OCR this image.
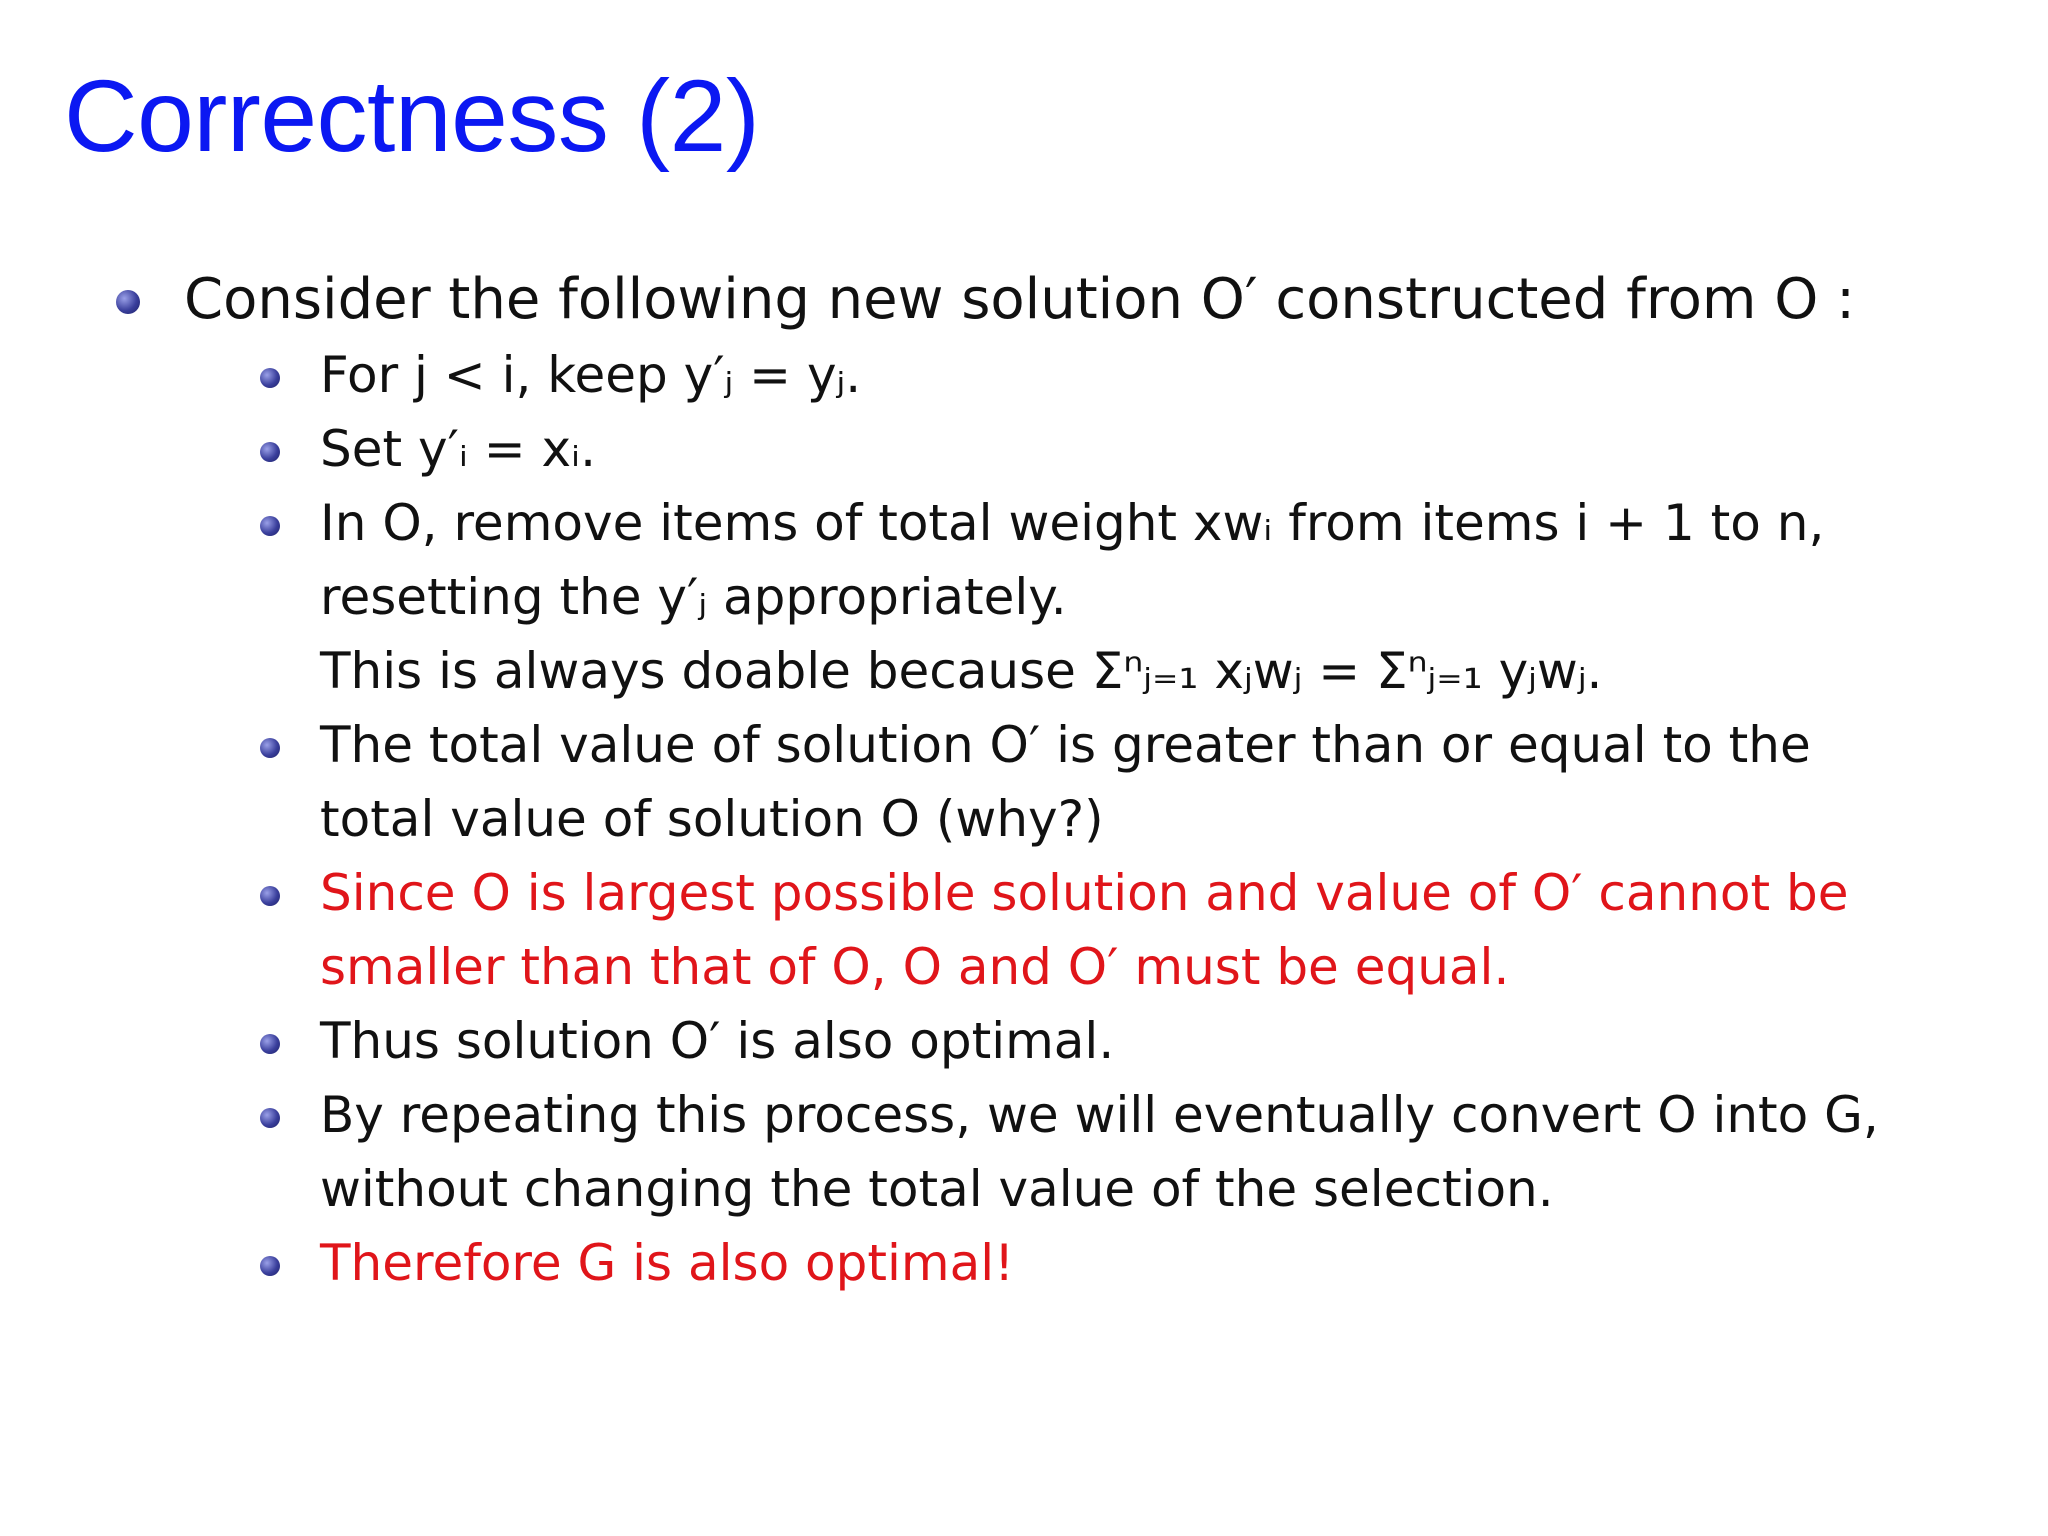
Correctness (2)
Consider the following new solution O′ constructed from O :
For j < i, keep y′ⱼ = yⱼ.
Set y′ᵢ = xᵢ.
In O, remove items of total weight xwᵢ from items i + 1 to n,
resetting the y′ⱼ appropriately.
This is always doable because Σⁿⱼ₌₁ xⱼwⱼ = Σⁿⱼ₌₁ yⱼwⱼ.
The total value of solution O′ is greater than or equal to the
total value of solution O (why?)
Since O is largest possible solution and value of O′ cannot be
smaller than that of O, O and O′ must be equal.
Thus solution O′ is also optimal.
By repeating this process, we will eventually convert O into G,
without changing the total value of the selection.
Therefore G is also optimal!
